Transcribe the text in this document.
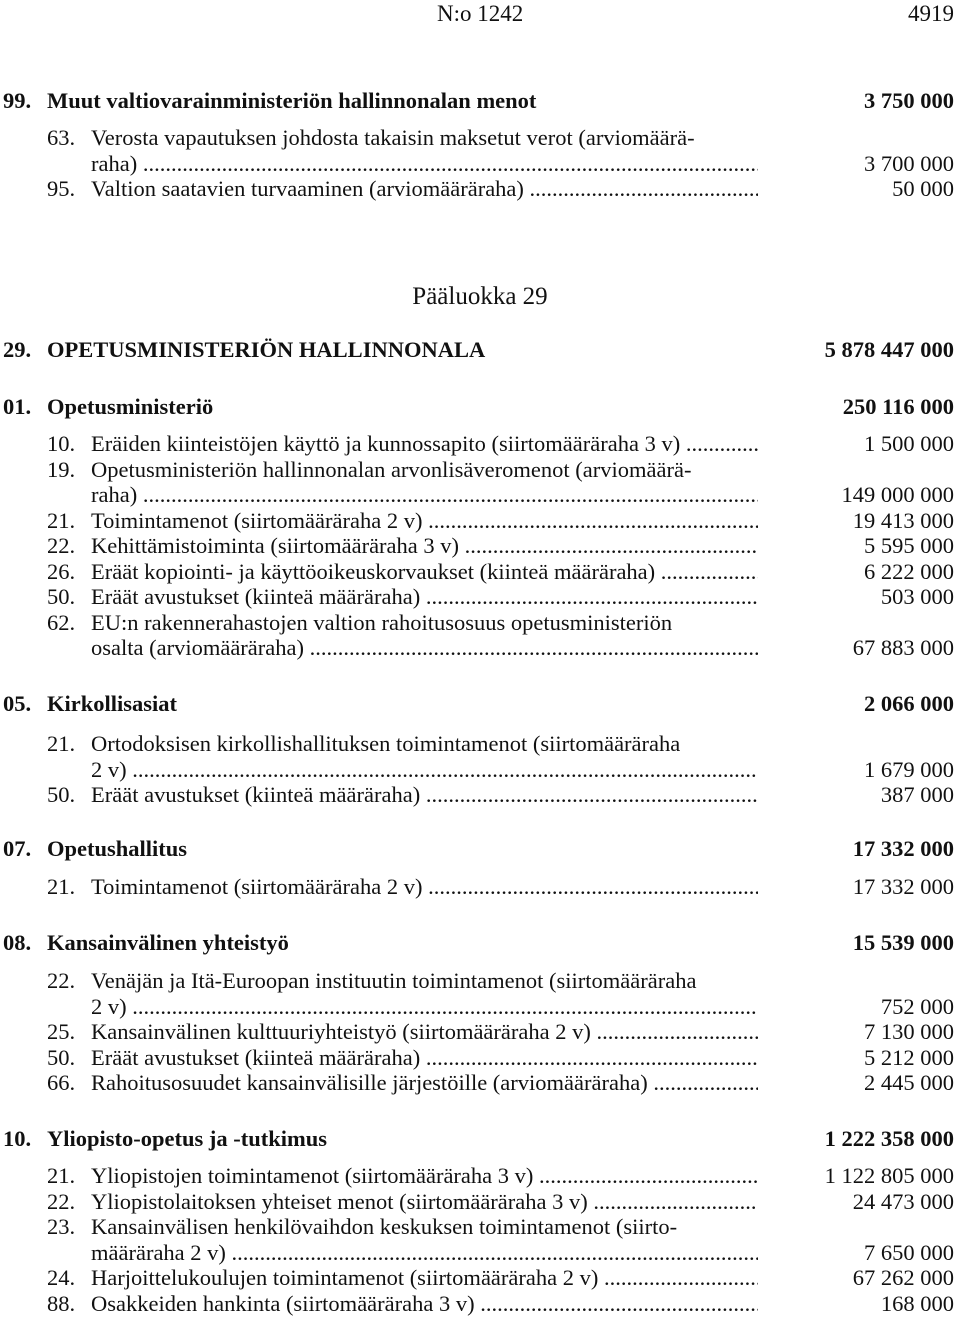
N:o 1242	4919
99. Muut valtiovarainministeriön hallinnonalan menot	3 750 000
63. Verosta vapautuksen johdosta takaisin maksetut verot (arviomäärä-
raha) .....	3 700 000
95. Valtion saatavien turvaaminen (arviomääräraha) .....	50 000
Pääluokka 29
29. OPETUSMINISTERIÖN HALLINNONALA	5 878 447 000
01. Opetusministeriö	250 116 000
10. Eräiden kiinteistöjen käyttö ja kunnossapito (siirtomääräraha 3 v) .....	1 500 000
19. Opetusministeriön hallinnonalan arvonlisäveromenot (arviomäärä-
raha) .....	149 000 000
21. Toimintamenot (siirtomääräraha 2 v) .....	19 413 000
22. Kehittämistoiminta (siirtomääräraha 3 v) .....	5 595 000
26. Eräät kopiointi- ja käyttöoikeuskorvaukset (kiinteä määräraha) .....	6 222 000
50. Eräät avustukset (kiinteä määräraha) .....	503 000
62. EU:n rakennerahastojen valtion rahoitusosuus opetusministeriön
osalta (arviomääräraha) .....	67 883 000
05. Kirkollisasiat	2 066 000
21. Ortodoksisen kirkollishallituksen toimintamenot (siirtomääräraha
2 v) .....	1 679 000
50. Eräät avustukset (kiinteä määräraha) .....	387 000
07. Opetushallitus	17 332 000
21. Toimintamenot (siirtomääräraha 2 v) .....	17 332 000
08. Kansainvälinen yhteistyö	15 539 000
22. Venäjän ja Itä-Euroopan instituutin toimintamenot (siirtomääräraha
2 v) .....	752 000
25. Kansainvälinen kulttuuriyhteistyö (siirtomääräraha 2 v) .....	7 130 000
50. Eräät avustukset (kiinteä määräraha) .....	5 212 000
66. Rahoitusosuudet kansainvälisille järjestöille (arviomääräraha) .....	2 445 000
10. Yliopisto-opetus ja -tutkimus	1 222 358 000
21. Yliopistojen toimintamenot (siirtomääräraha 3 v) .....	1 122 805 000
22. Yliopistolaitoksen yhteiset menot (siirtomääräraha 3 v) .....	24 473 000
23. Kansainvälisen henkilövaihdon keskuksen toimintamenot (siirto-
määräraha 2 v) .....	7 650 000
24. Harjoittelukoulujen toimintamenot (siirtomääräraha 2 v) .....	67 262 000
88. Osakkeiden hankinta (siirtomääräraha 3 v) .....	168 000
